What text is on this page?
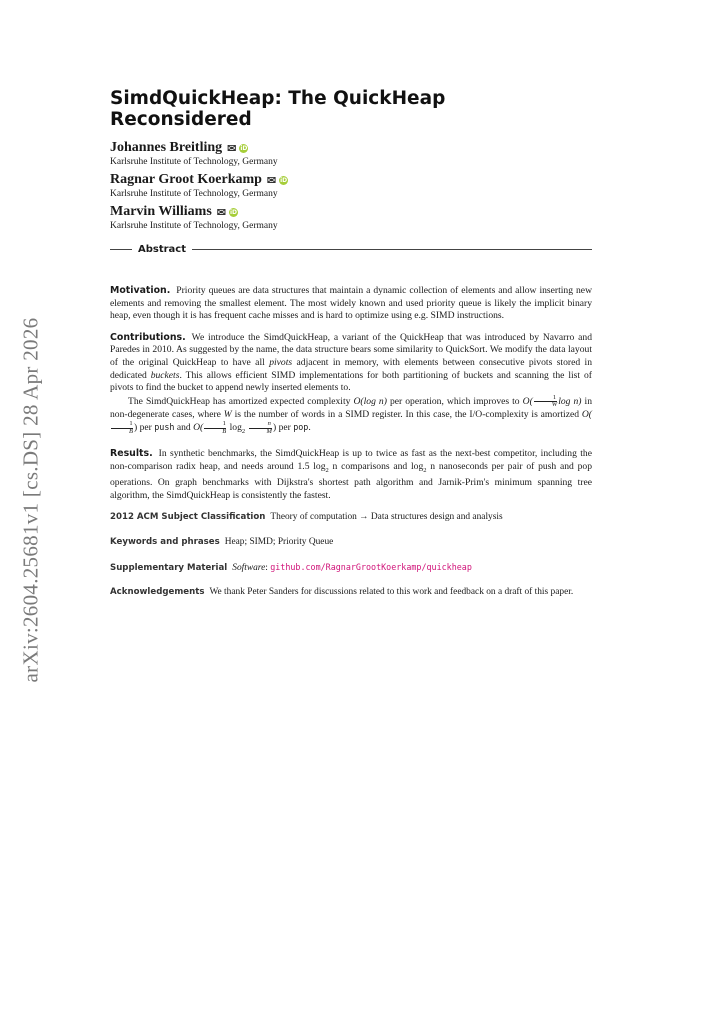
arXiv:2604.25681v1 [cs.DS] 28 Apr 2026
SimdQuickHeap: The QuickHeap Reconsidered
Johannes Breitling ✉ iD
Karlsruhe Institute of Technology, Germany
Ragnar Groot Koerkamp ✉ iD
Karlsruhe Institute of Technology, Germany
Marvin Williams ✉ iD
Karlsruhe Institute of Technology, Germany
Abstract

Motivation. Priority queues are data structures that maintain a dynamic collection of elements and allow inserting new elements and removing the smallest element. The most widely known and used priority queue is likely the implicit binary heap, even though it is has frequent cache misses and is hard to optimize using e.g. SIMD instructions.

Contributions. We introduce the SimdQuickHeap, a variant of the QuickHeap that was introduced by Navarro and Paredes in 2010. As suggested by the name, the data structure bears some similarity to QuickSort. We modify the data layout of the original QuickHeap to have all pivots adjacent in memory, with elements between consecutive pivots stored in dedicated buckets. This allows efficient SIMD implementations for both partitioning of buckets and scanning the list of pivots to find the bucket to append newly inserted elements to.

The SimdQuickHeap has amortized expected complexity O(log n) per operation, which improves to $O( \frac{1}{W}$ log n) in non-degenerate cases, where W is the number of words in a SIMD register. In this case, the I/O-complexity is amortized O(
$\frac{1}{B}$ ) per push and $O( \frac{1}{B} \log_2 \frac{n}{M}$ ) per pop.

Results. In synthetic benchmarks, the SimdQuickHeap is up to twice as fast as the next-best competitor, including the non-comparison radix heap, and needs around 1.5 $\log_2 n$ comparisons and $\log_2 n$ nanoseconds per pair of push and pop operations. On graph benchmarks with Dijkstra's shortest path algorithm and Jarnik-Prim's minimum spanning tree algorithm, the SimdQuickHeap is consistently the fastest.

2012 ACM Subject Classification Theory of computation → Data structures design and analysis

Keywords and phrases Heap; SIMD; Priority Queue

Supplementary Material Software: github.com/RagnarGrootKoerkamp/quickheap

Acknowledgements We thank Peter Sanders for discussions related to this work and feedback on a draft of this paper.
